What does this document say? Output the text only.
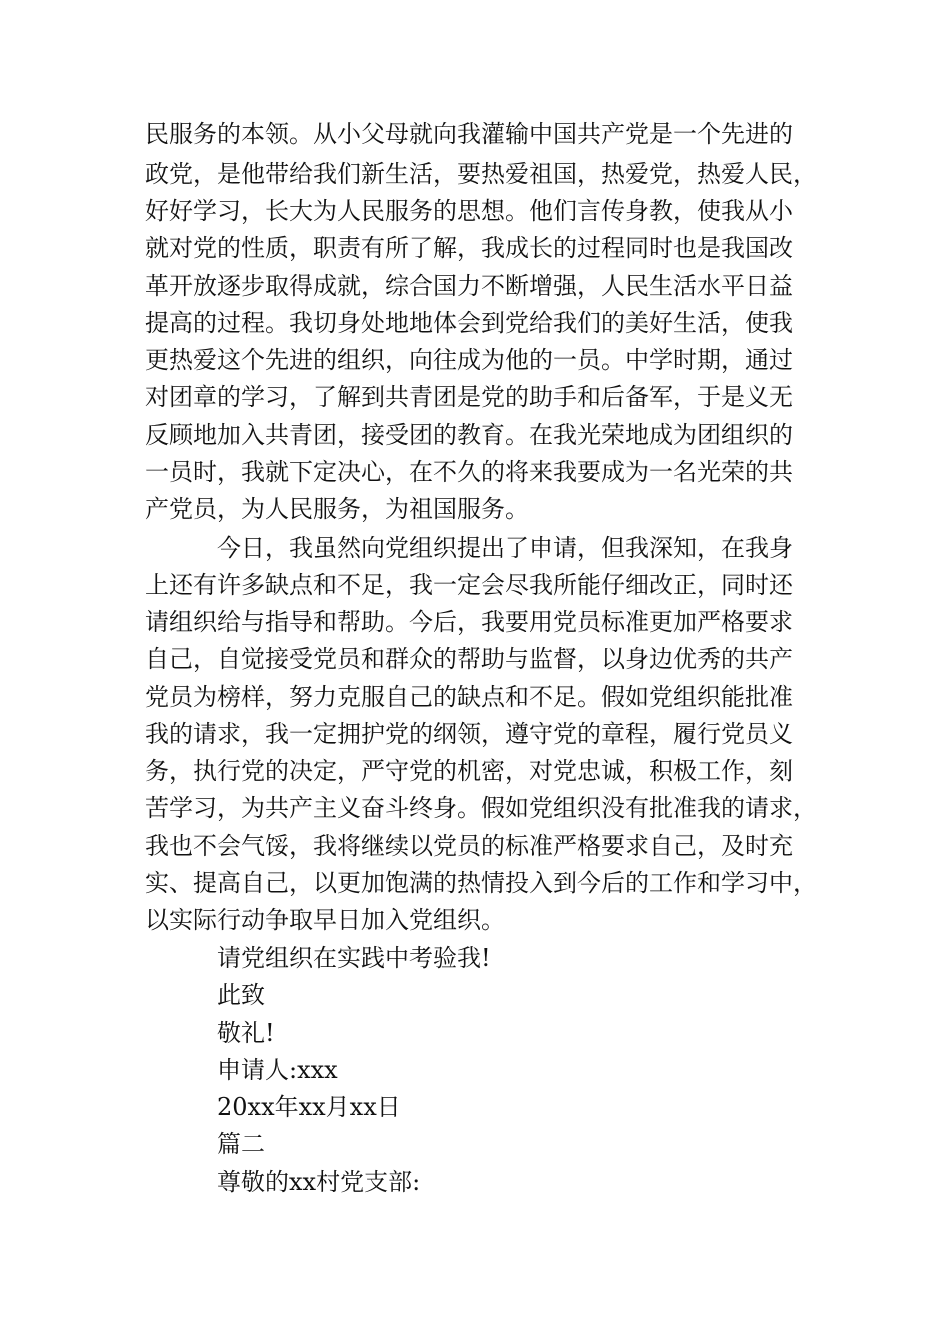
民服务的本领。从小父母就向我灌输中国共产党是一个先进的
政党，是他带给我们新生活，要热爱祖国，热爱党，热爱人民，
好好学习，长大为人民服务的思想。他们言传身教，使我从小
就对党的性质，职责有所了解，我成长的过程同时也是我国改
革开放逐步取得成就，综合国力不断增强，人民生活水平日益
提高的过程。我切身处地地体会到党给我们的美好生活，使我
更热爱这个先进的组织，向往成为他的一员。中学时期，通过
对团章的学习，了解到共青团是党的助手和后备军，于是义无
反顾地加入共青团，接受团的教育。在我光荣地成为团组织的
一员时，我就下定决心，在不久的将来我要成为一名光荣的共
产党员，为人民服务，为祖国服务。
今日，我虽然向党组织提出了申请，但我深知，在我身
上还有许多缺点和不足，我一定会尽我所能仔细改正，同时还
请组织给与指导和帮助。今后，我要用党员标准更加严格要求
自己，自觉接受党员和群众的帮助与监督，以身边优秀的共产
党员为榜样，努力克服自己的缺点和不足。假如党组织能批准
我的请求，我一定拥护党的纲领，遵守党的章程，履行党员义
务，执行党的决定，严守党的机密，对党忠诚，积极工作，刻
苦学习，为共产主义奋斗终身。假如党组织没有批准我的请求，
我也不会气馁，我将继续以党员的标准严格要求自己，及时充
实、提高自己，以更加饱满的热情投入到今后的工作和学习中，
以实际行动争取早日加入党组织。
请党组织在实践中考验我!
此致
敬礼!
申请人:xxx
20xx年xx月xx日
篇二
尊敬的xx村党支部:
